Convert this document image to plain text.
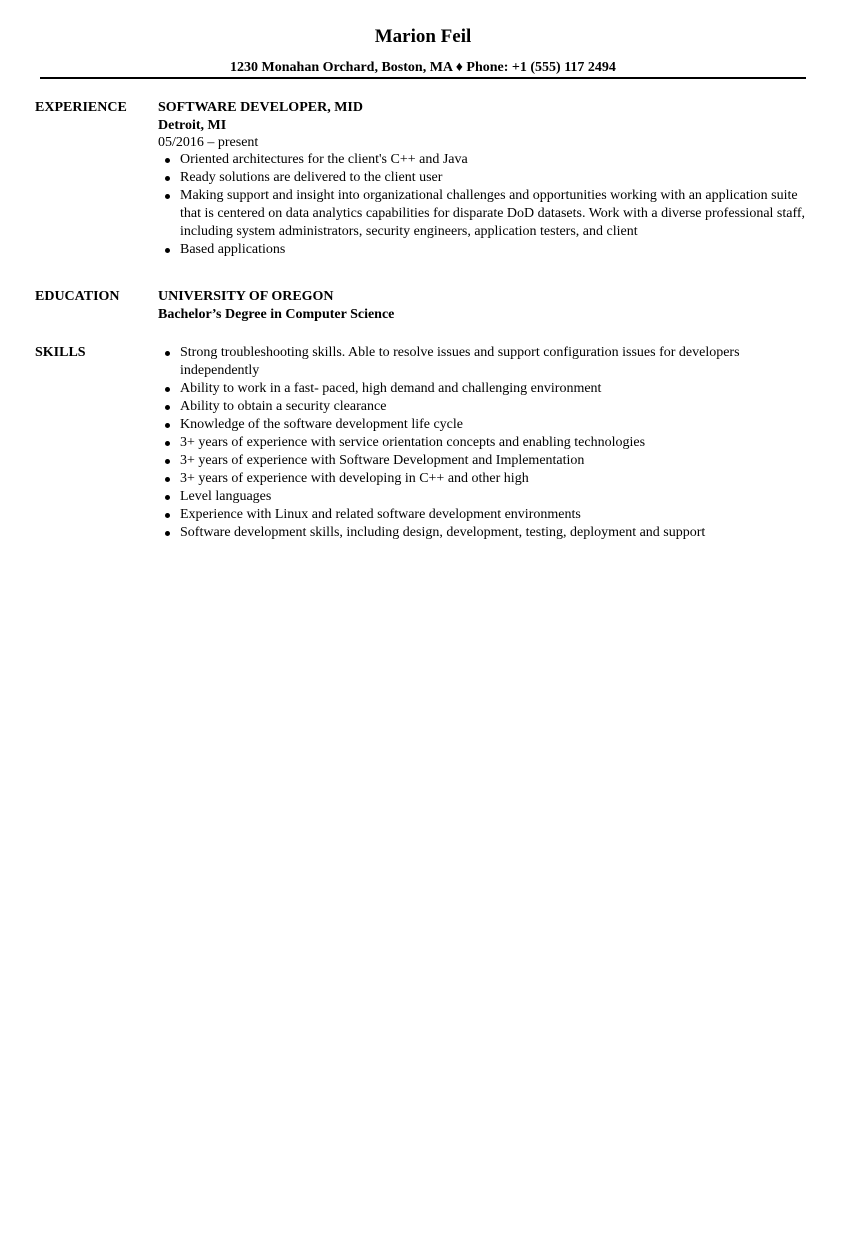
Marion Feil
1230 Monahan Orchard, Boston, MA ♦ Phone: +1 (555) 117 2494
EXPERIENCE SOFTWARE DEVELOPER, MID
Detroit, MI
05/2016 – present
Oriented architectures for the client's C++ and Java
Ready solutions are delivered to the client user
Making support and insight into organizational challenges and opportunities working with an application suite that is centered on data analytics capabilities for disparate DoD datasets. Work with a diverse professional staff, including system administrators, security engineers, application testers, and client
Based applications
EDUCATION	UNIVERSITY OF OREGON
Bachelor’s Degree in Computer Science
SKILLS	Strong troubleshooting skills. Able to resolve issues and support configuration issues for developers independently
Ability to work in a fast- paced, high demand and challenging environment
Ability to obtain a security clearance
Knowledge of the software development life cycle
3+ years of experience with service orientation concepts and enabling technologies
3+ years of experience with Software Development and Implementation
3+ years of experience with developing in C++ and other high
Level languages
Experience with Linux and related software development environments
Software development skills, including design, development, testing, deployment and support
